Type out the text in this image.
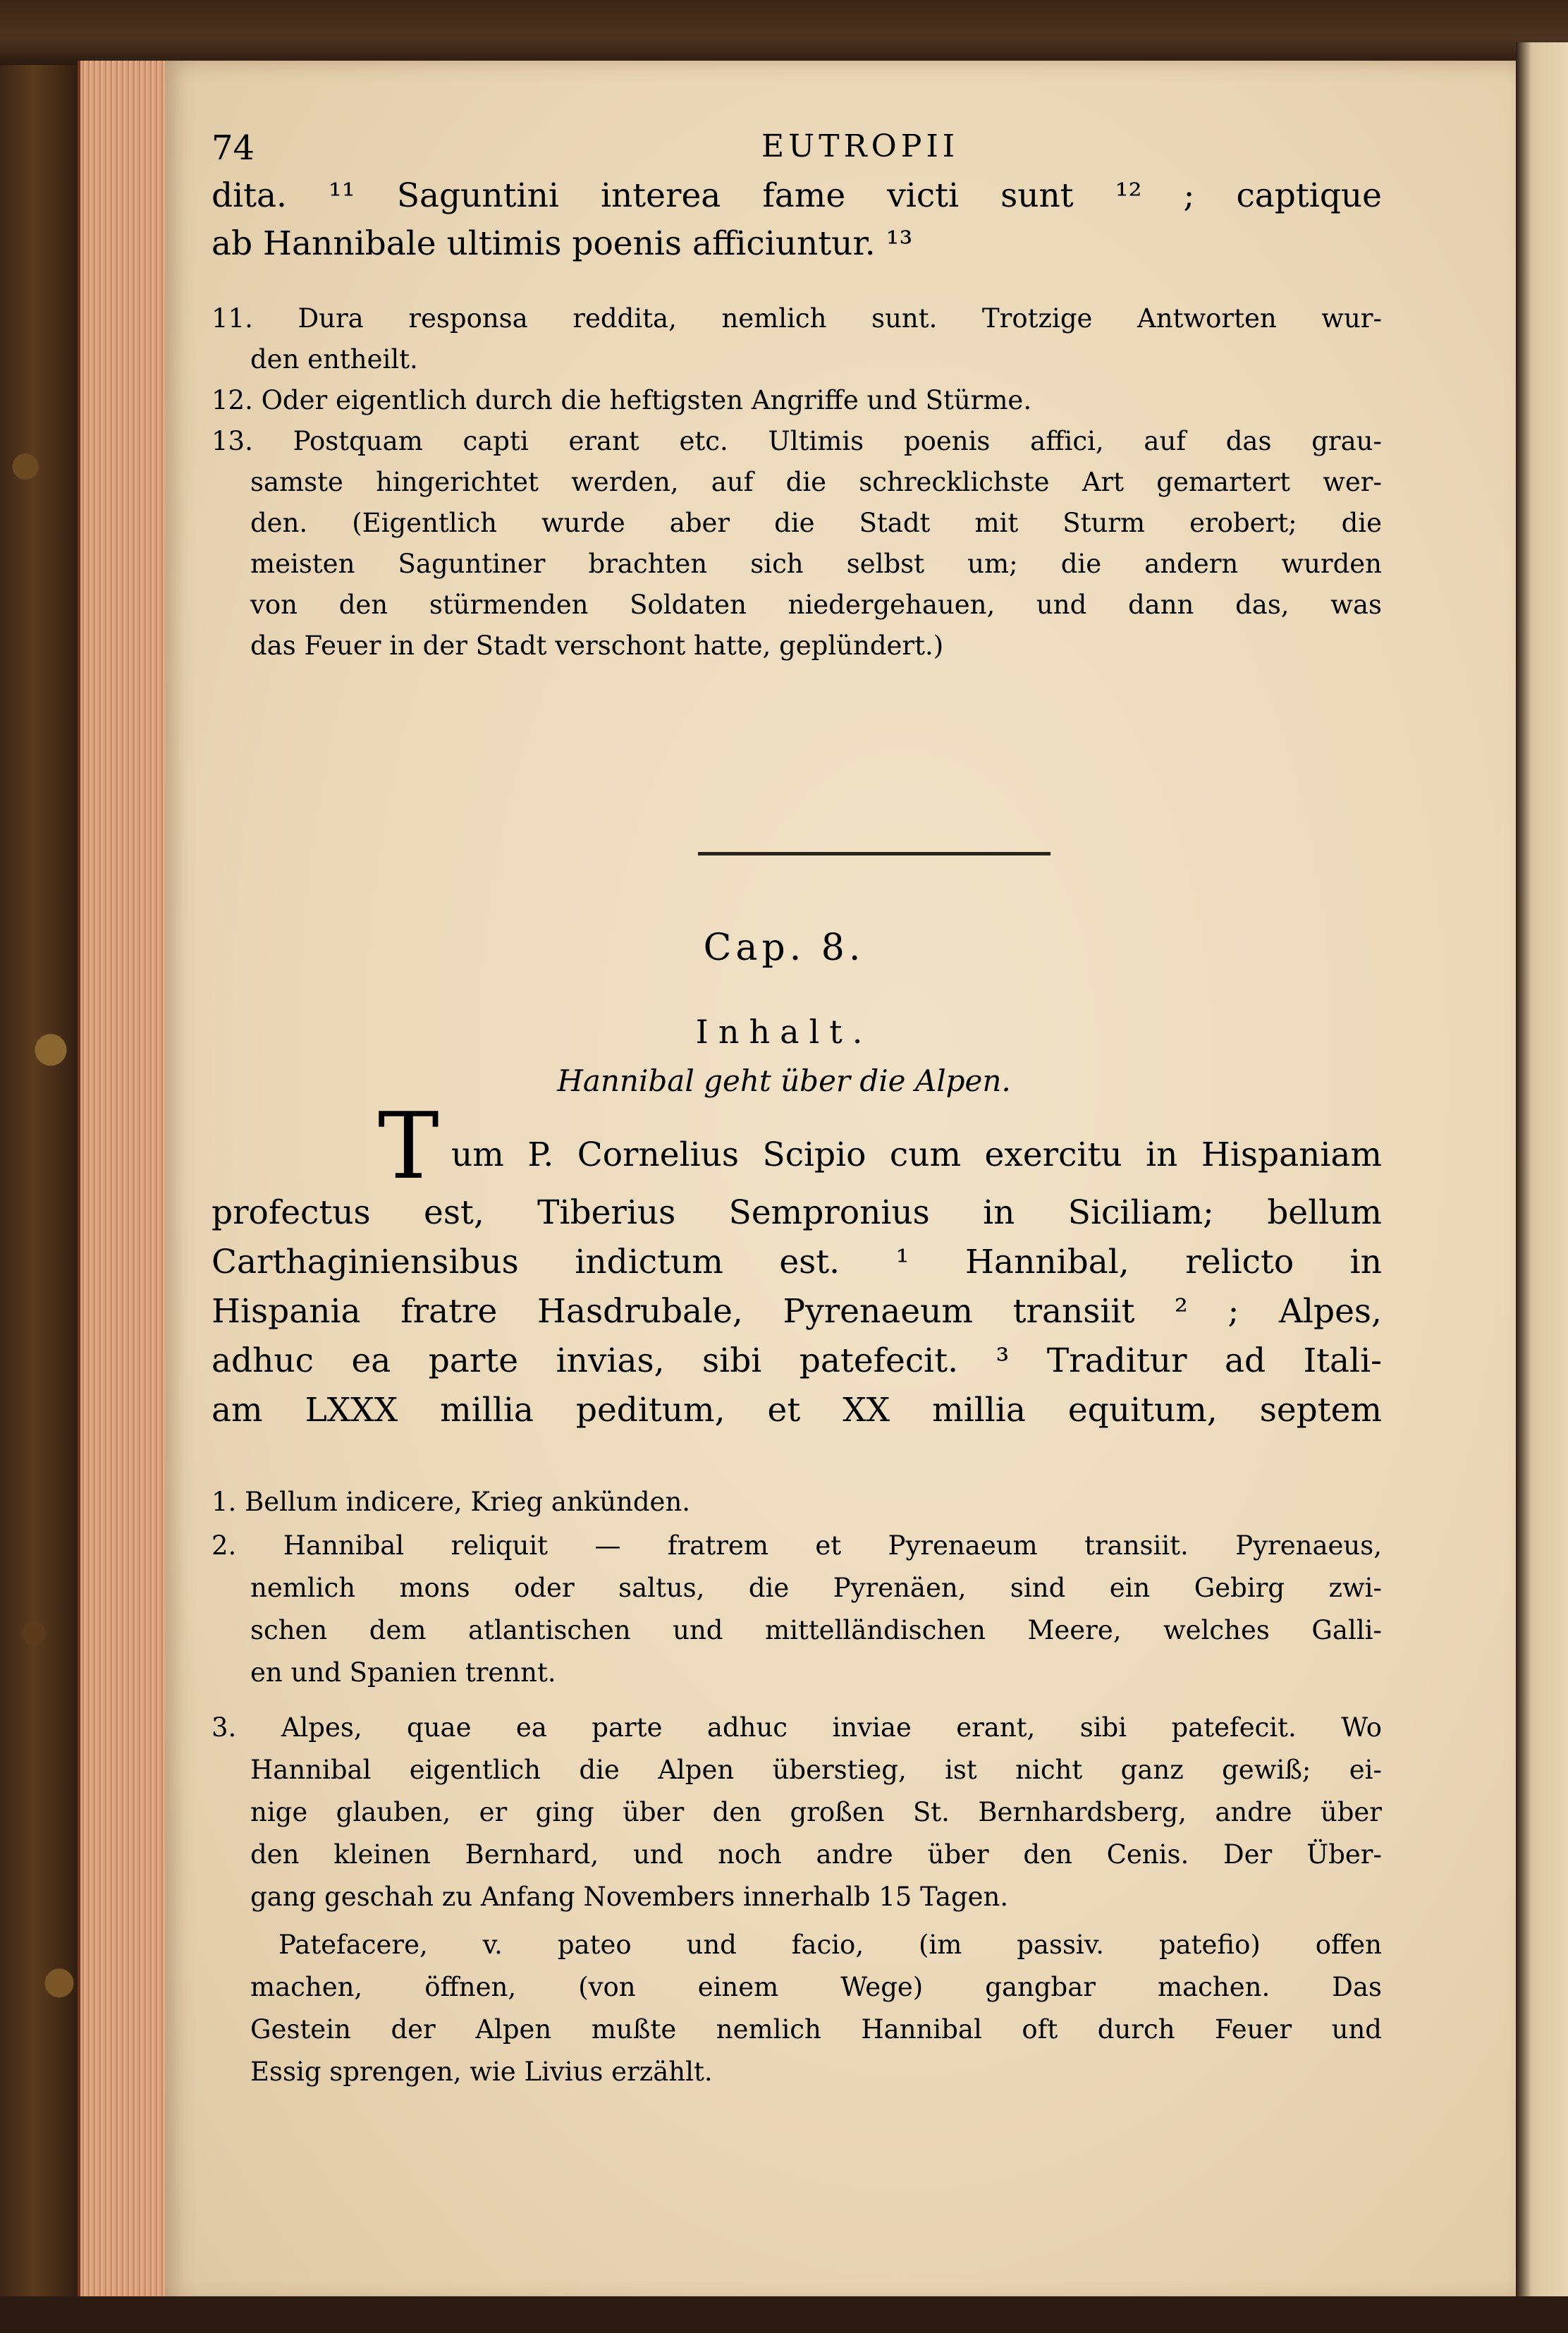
74	EUTROPII
dita. ¹¹ Saguntini interea fame victi sunt ¹² ; captique
ab Hannibale ultimis poenis afficiuntur. ¹³
11. Dura responsa reddita, nemlich sunt. Trotzige Antworten wur-
den entheilt.
12. Oder eigentlich durch die heftigsten Angriffe und Stürme.
13. Postquam capti erant etc. Ultimis poenis affici, auf das grau-
samste hingerichtet werden, auf die schrecklichste Art gemartert wer-
den. (Eigentlich wurde aber die Stadt mit Sturm erobert; die
meisten Saguntiner brachten sich selbst um; die andern wurden
von den stürmenden Soldaten niedergehauen, und dann das, was
das Feuer in der Stadt verschont hatte, geplündert.)
Cap. 8.
Inhalt.
Hannibal geht über die Alpen.
T um P. Cornelius Scipio cum exercitu in Hispaniam
profectus est, Tiberius Sempronius in Siciliam; bellum
Carthaginiensibus indictum est. ¹ Hannibal, relicto in
Hispania fratre Hasdrubale, Pyrenaeum transiit ² ; Alpes,
adhuc ea parte invias, sibi patefecit. ³ Traditur ad Itali-
am LXXX millia peditum, et XX millia equitum, septem
1. Bellum indicere, Krieg ankünden.
2. Hannibal reliquit — fratrem et Pyrenaeum transiit. Pyrenaeus,
nemlich mons oder saltus, die Pyrenäen, sind ein Gebirg zwi-
schen dem atlantischen und mittelländischen Meere, welches Galli-
en und Spanien trennt.
3. Alpes, quae ea parte adhuc inviae erant, sibi patefecit. Wo
Hannibal eigentlich die Alpen überstieg, ist nicht ganz gewiß; ei-
nige glauben, er ging über den großen St. Bernhardsberg, andre über
den kleinen Bernhard, und noch andre über den Cenis. Der Über-
gang geschah zu Anfang Novembers innerhalb 15 Tagen.
Patefacere, v. pateo und facio, (im passiv. patefio) offen
machen, öffnen, (von einem Wege) gangbar machen. Das
Gestein der Alpen mußte nemlich Hannibal oft durch Feuer und
Essig sprengen, wie Livius erzählt.
